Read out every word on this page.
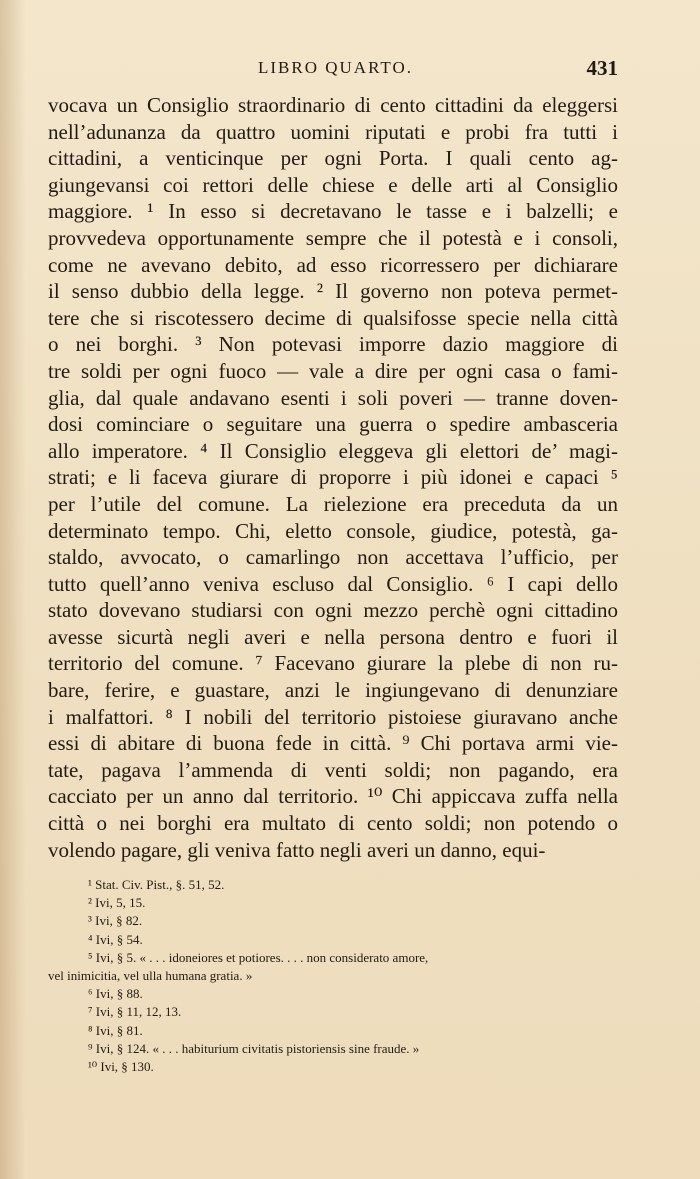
LIBRO QUARTO.	431
vocava un Consiglio straordinario di cento cittadini da eleggersi
nell’adunanza da quattro uomini riputati e probi fra tutti i
cittadini, a venticinque per ogni Porta. I quali cento ag-
giungevansi coi rettori delle chiese e delle arti al Consiglio
maggiore. ¹ In esso si decretavano le tasse e i balzelli; e
provvedeva opportunamente sempre che il potestà e i consoli,
come ne avevano debito, ad esso ricorressero per dichiarare
il senso dubbio della legge. ² Il governo non poteva permet-
tere che si riscotessero decime di qualsifosse specie nella città
o nei borghi. ³ Non potevasi imporre dazio maggiore di
tre soldi per ogni fuoco — vale a dire per ogni casa o fami-
glia, dal quale andavano esenti i soli poveri — tranne doven-
dosi cominciare o seguitare una guerra o spedire ambasceria
allo imperatore. ⁴ Il Consiglio eleggeva gli elettori de’ magi-
strati; e li faceva giurare di proporre i più idonei e capaci ⁵
per l’utile del comune. La rielezione era preceduta da un
determinato tempo. Chi, eletto console, giudice, potestà, ga-
staldo, avvocato, o camarlingo non accettava l’ufficio, per
tutto quell’anno veniva escluso dal Consiglio. ⁶ I capi dello
stato dovevano studiarsi con ogni mezzo perchè ogni cittadino
avesse sicurtà negli averi e nella persona dentro e fuori il
territorio del comune. ⁷ Facevano giurare la plebe di non ru-
bare, ferire, e guastare, anzi le ingiungevano di denunziare
i malfattori. ⁸ I nobili del territorio pistoiese giuravano anche
essi di abitare di buona fede in città. ⁹ Chi portava armi vie-
tate, pagava l’ammenda di venti soldi; non pagando, era
cacciato per un anno dal territorio. ¹⁰ Chi appiccava zuffa nella
città o nei borghi era multato di cento soldi; non potendo o
volendo pagare, gli veniva fatto negli averi un danno, equi-
¹ Stat. Civ. Pist., §. 51, 52.
² Ivi, 5, 15.
³ Ivi, § 82.
⁴ Ivi, § 54.
⁵ Ivi, § 5. « . . . idoneiores et potiores. . . . non considerato amore,
vel inimicitia, vel ulla humana gratia. »
⁶ Ivi, § 88.
⁷ Ivi, § 11, 12, 13.
⁸ Ivi, § 81.
⁹ Ivi, § 124. « . . . habiturium civitatis pistoriensis sine fraude. »
¹⁰ Ivi, § 130.
